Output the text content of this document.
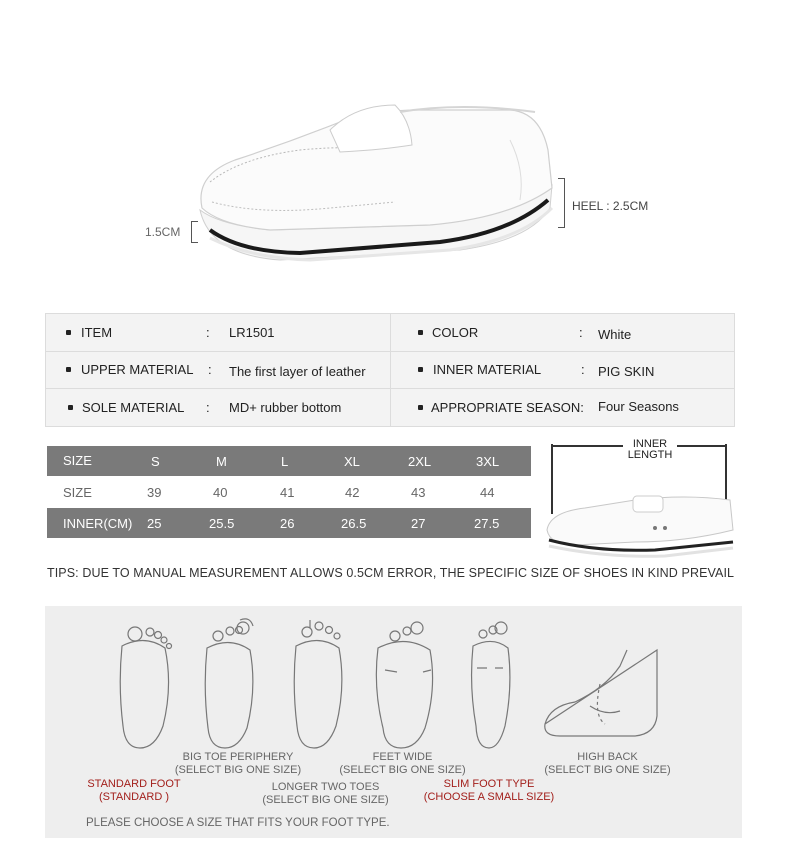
HEEL : 2.5CM
1.5CM
ITEM	: LR1501	COLOR	: White
UPPER MATERIAL : The first layer of leather	INNER MATERIAL	: PIG SKIN
SOLE MATERIAL : MD+ rubber bottom	APPROPRIATE SEASON: Four Seasons
SIZE	S	M	L	XL	2XL	3XL
SIZE	39	40	41	42	43	44
INNER(CM) 25	25.5	26	26.5	27	27.5
INNER LENGTH
TIPS: DUE TO MANUAL MEASUREMENT ALLOWS 0.5CM ERROR, THE SPECIFIC SIZE OF SHOES IN KIND PREVAIL
BIG TOE PERIPHERY
(SELECT BIG ONE SIZE)
FEET WIDE
(SELECT BIG ONE SIZE)
HIGH BACK
(SELECT BIG ONE SIZE)
STANDARD FOOT
(STANDARD )
LONGER TWO TOES
(SELECT BIG ONE SIZE)
SLIM FOOT TYPE
(CHOOSE A SMALL SIZE)
PLEASE CHOOSE A SIZE THAT FITS YOUR FOOT TYPE.
